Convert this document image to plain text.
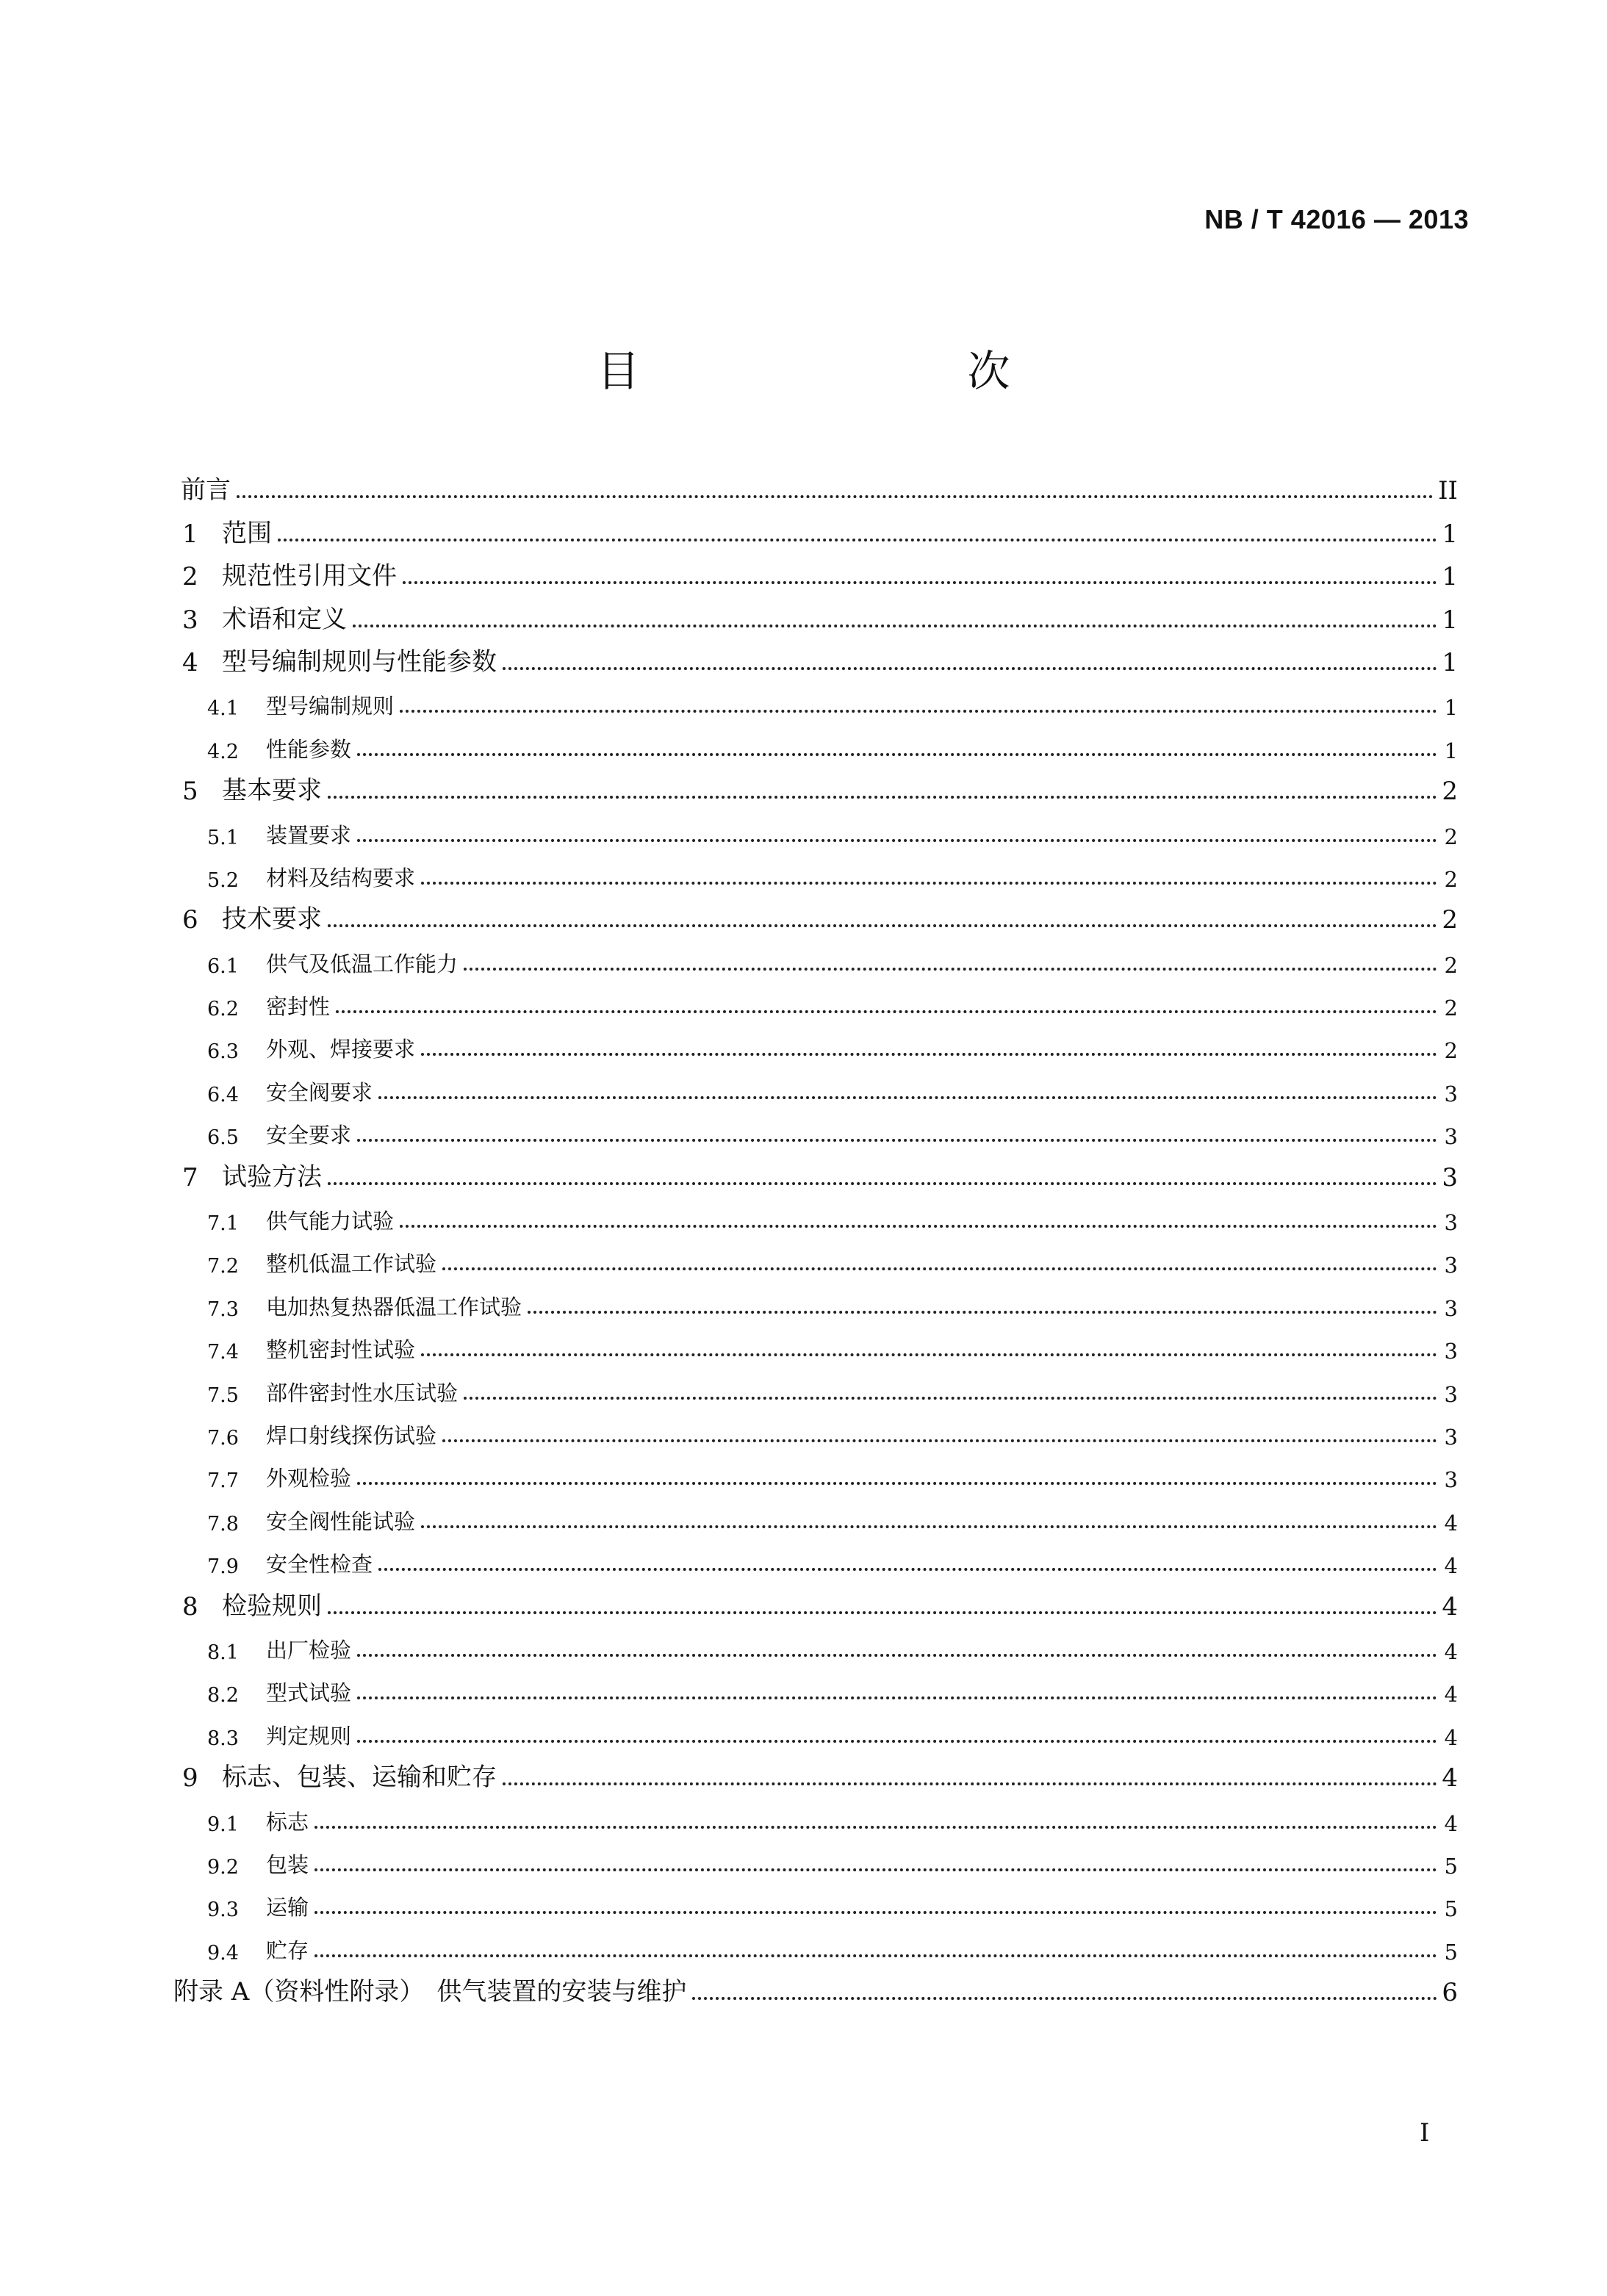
NB / T 42016 — 2013
目　　次
前言	II
1 范围	1
2 规范性引用文件	1
3 术语和定义	1
4 型号编制规则与性能参数	1
4.1	型号编制规则	1
4.2	性能参数	1
5 基本要求	2
5.1	装置要求	2
5.2	材料及结构要求	2
6 技术要求	2
6.1	供气及低温工作能力	2
6.2	密封性	2
6.3	外观、焊接要求	2
6.4	安全阀要求	3
6.5	安全要求	3
7 试验方法	3
7.1	供气能力试验	3
7.2	整机低温工作试验	3
7.3	电加热复热器低温工作试验	3
7.4	整机密封性试验	3
7.5	部件密封性水压试验	3
7.6	焊口射线探伤试验	3
7.7	外观检验	3
7.8	安全阀性能试验	4
7.9	安全性检查	4
8 检验规则	4
8.1	出厂检验	4
8.2	型式试验	4
8.3	判定规则	4
9 标志、包装、运输和贮存	4
9.1	标志	4
9.2	包装	5
9.3	运输	5
9.4	贮存	5
附录 A（资料性附录）　供气装置的安装与维护	6
I
